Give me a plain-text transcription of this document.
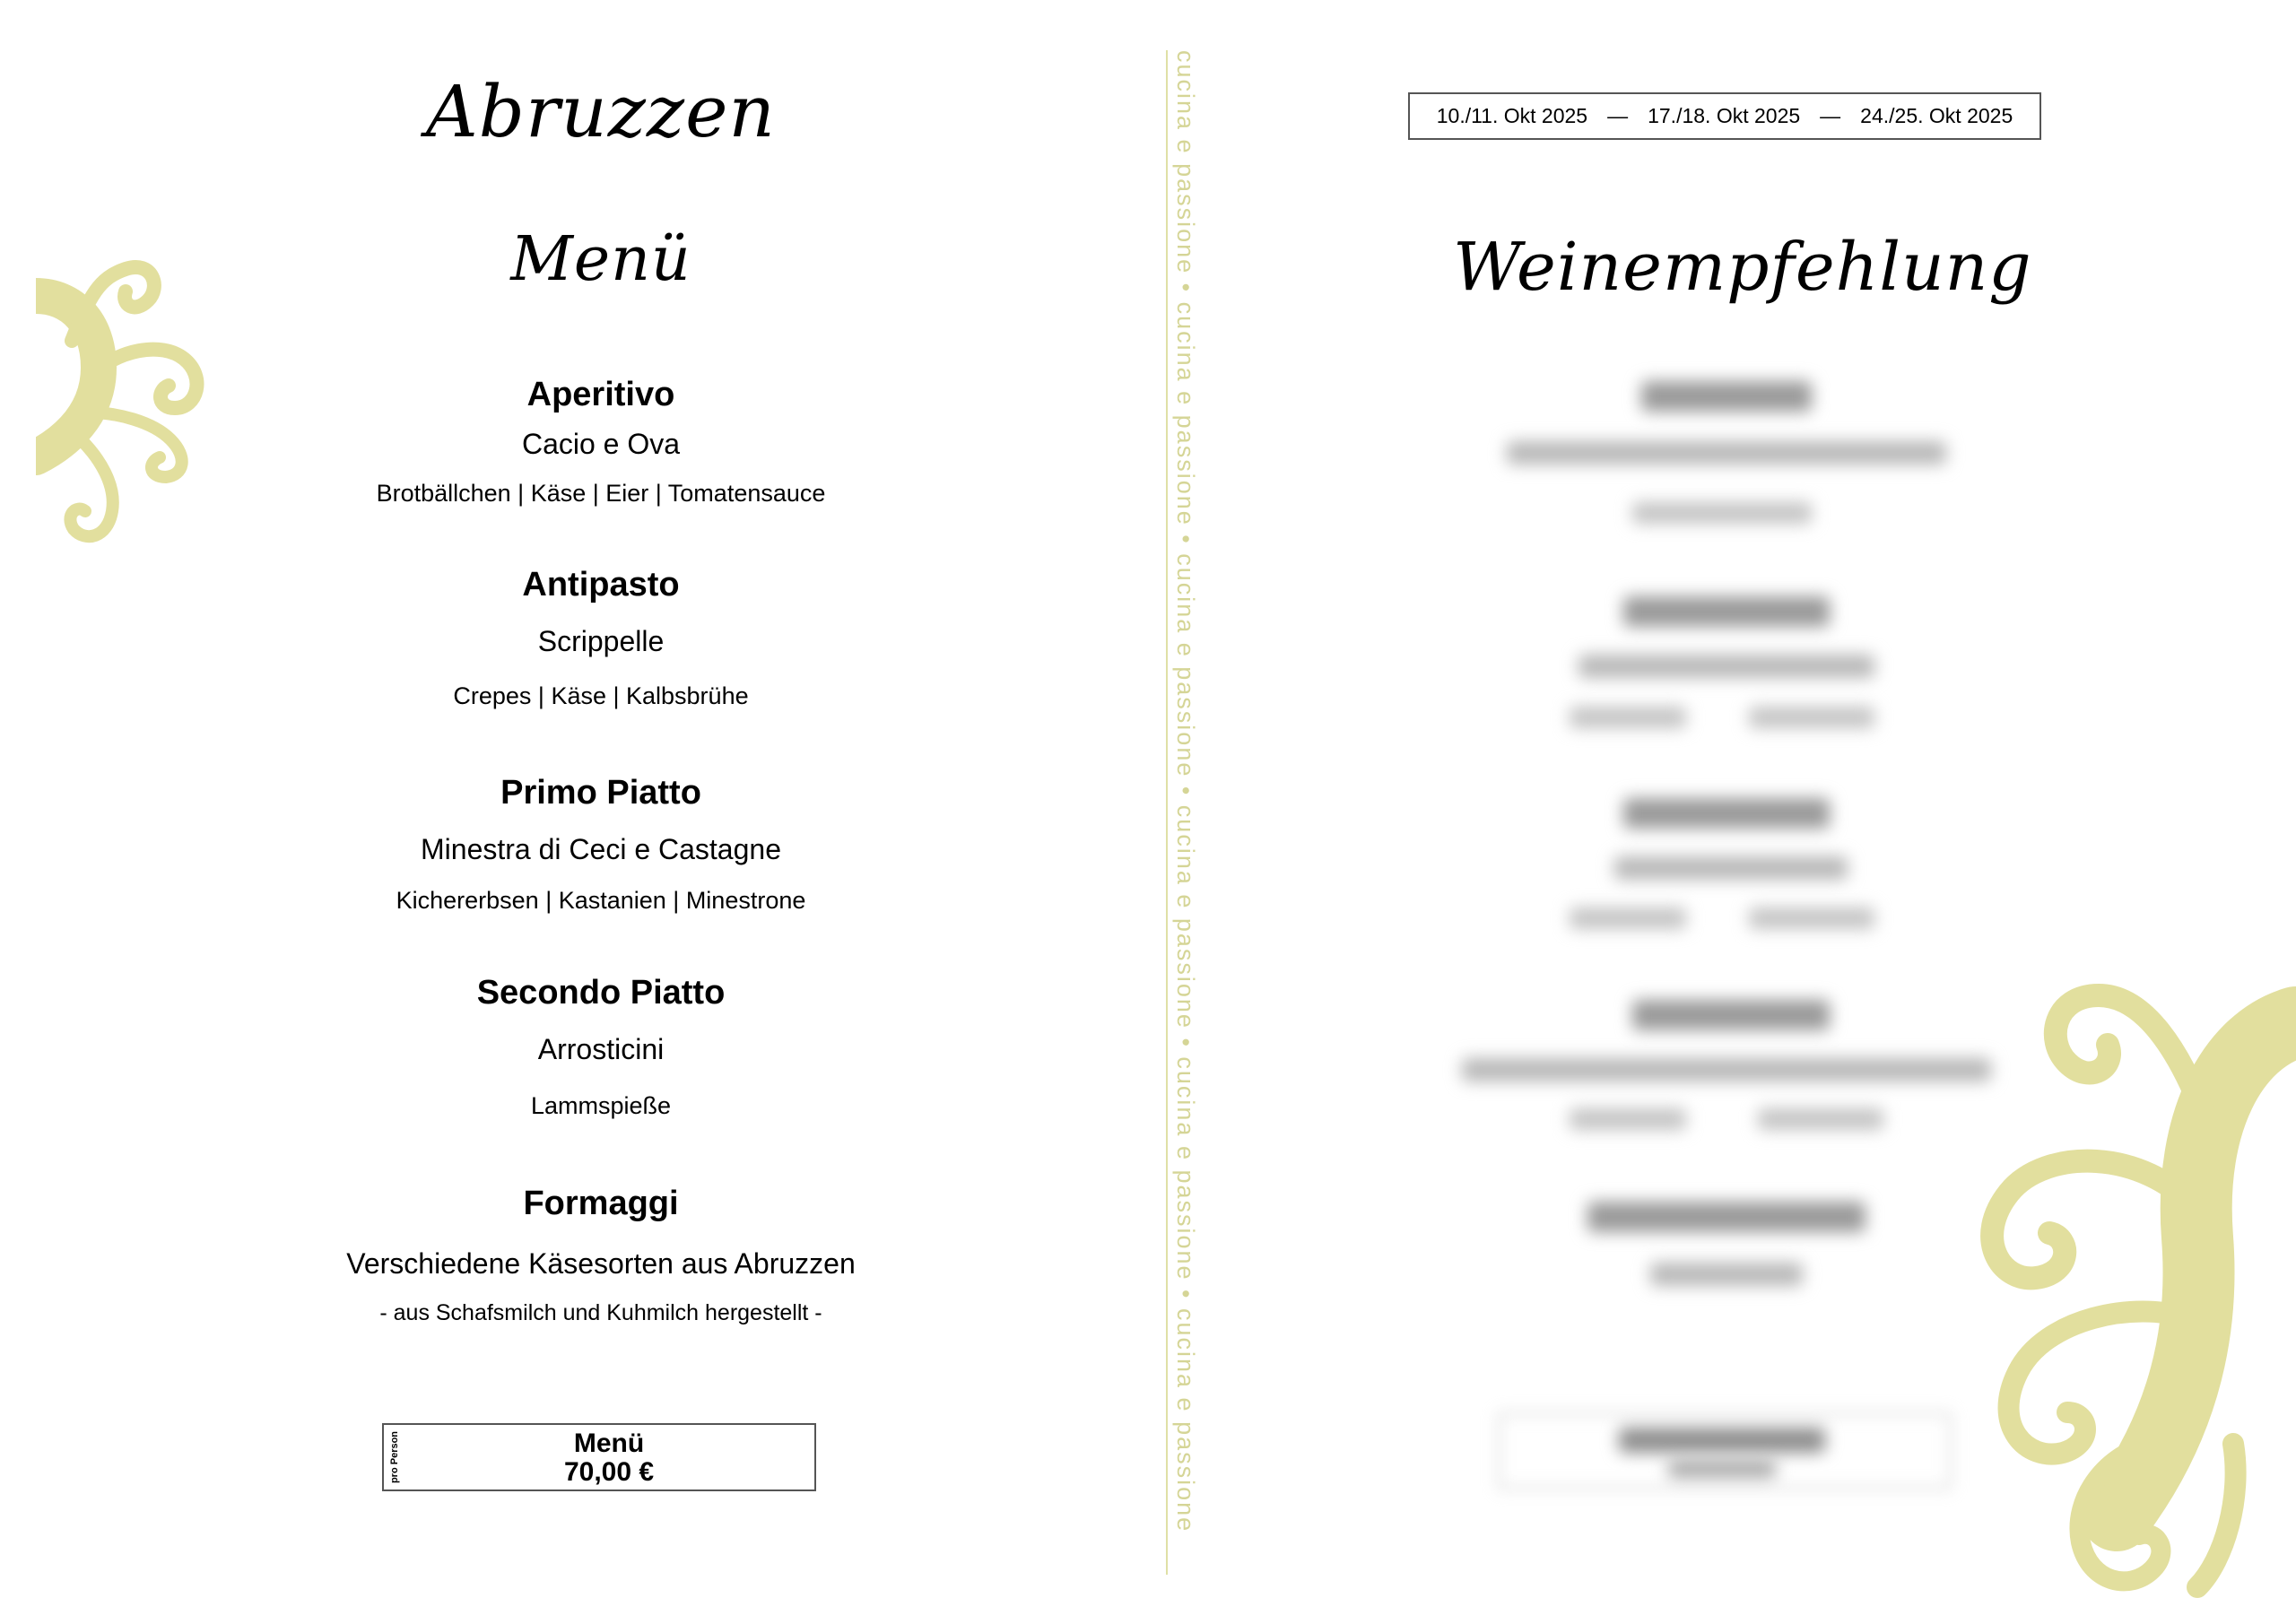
Abruzzen
Menü
Aperitivo
Cacio e Ova
Brotbällchen | Käse | Eier | Tomatensauce
Antipasto
Scrippelle
Crepes | Käse | Kalbsbrühe
Primo Piatto
Minestra di Ceci e Castagne
Kichererbsen | Kastanien | Minestrone
Secondo Piatto
Arrosticini
Lammspieße
Formaggi
Verschiedene Käsesorten aus Abruzzen
- aus Schafsmilch und Kuhmilch hergestellt -
pro Person	Menü
70,00 €	cucina e passione • cucina e passione • cucina e passione • cucina e passione • cucina e passione • cucina e passione	10./11. Okt 2025 — 17./18. Okt 2025 — 24./25. Okt 2025
Weinempfehlung
